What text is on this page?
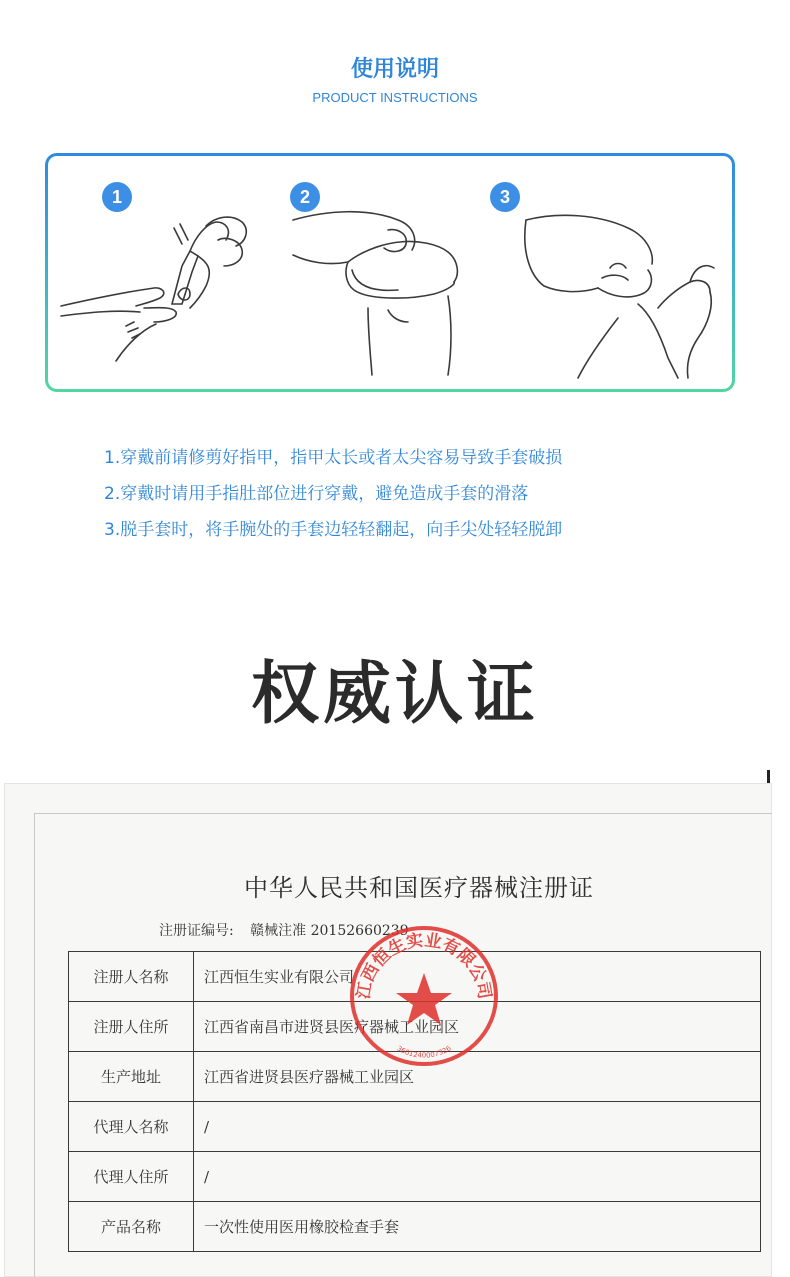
使用说明
PRODUCT INSTRUCTIONS
1	2	3
1.穿戴前请修剪好指甲，指甲太长或者太尖容易导致手套破损
2.穿戴时请用手指肚部位进行穿戴，避免造成手套的滑落
3.脱手套时，将手腕处的手套边轻轻翻起，向手尖处轻轻脱卸
权威认证
中华人民共和国医疗器械注册证
注册证编号: 赣械注准 20152660239
注册人名称	江西恒生实业有限公司
注册人住所	江西省南昌市进贤县医疗器械工业园区
生产地址	江西省进贤县医疗器械工业园区
代理人名称	/
代理人住所	/
产品名称	一次性使用医用橡胶检查手套
江西恒生实业有限公司
3601240007326
